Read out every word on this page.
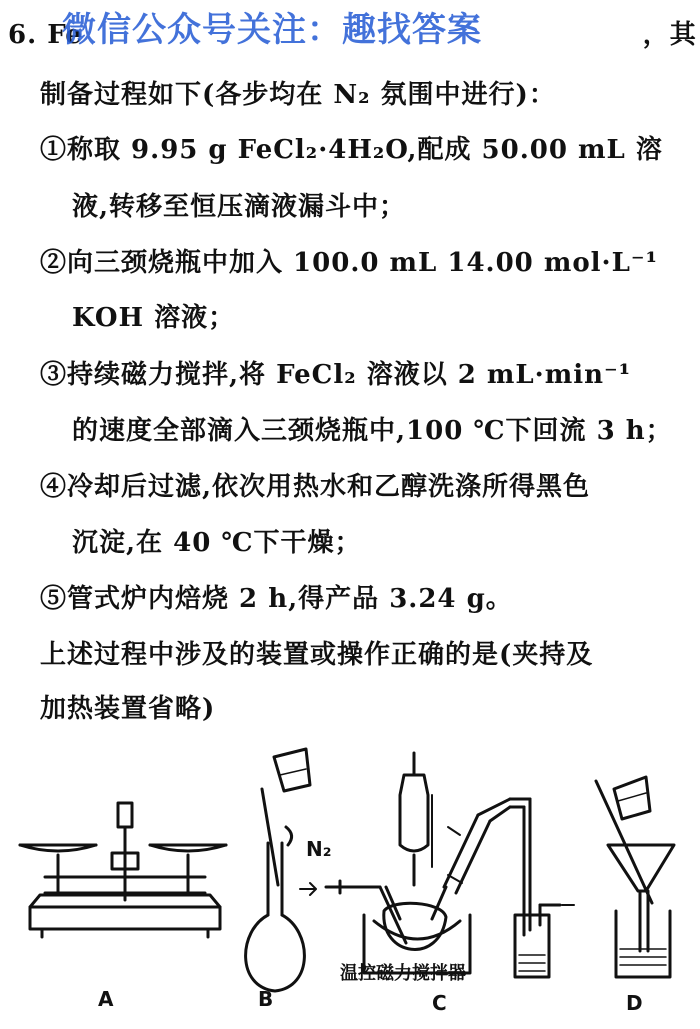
6. Fe	，其
微信公众号关注：趣找答案
制备过程如下(各步均在 N₂ 氛围中进行)：
①称取 9.95 g FeCl₂·4H₂O,配成 50.00 mL 溶
液,转移至恒压滴液漏斗中；
②向三颈烧瓶中加入 100.0 mL 14.00 mol·L⁻¹
KOH 溶液；
③持续磁力搅拌,将 FeCl₂ 溶液以 2 mL·min⁻¹
的速度全部滴入三颈烧瓶中,100 ℃下回流 3 h；
④冷却后过滤,依次用热水和乙醇洗涤所得黑色
沉淀,在 40 ℃下干燥；
⑤管式炉内焙烧 2 h,得产品 3.24 g。
上述过程中涉及的装置或操作正确的是(夹持及
加热装置省略)
N₂
温控磁力搅拌器
A	B	C	D
